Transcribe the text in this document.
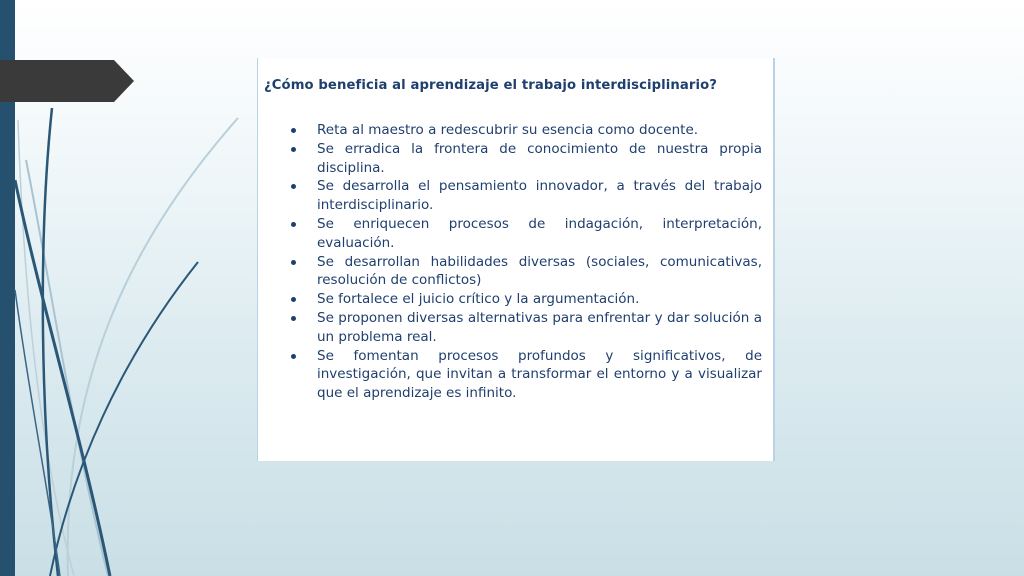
¿Cómo beneficia al aprendizaje el trabajo interdisciplinario?
Reta al maestro a redescubrir su esencia como docente.
Se erradica la frontera de conocimiento de nuestra propia disciplina.
Se desarrolla el pensamiento innovador, a través del trabajo interdisciplinario.
Se enriquecen procesos de indagación, interpretación, evaluación.
Se desarrollan habilidades diversas (sociales, comunicativas, resolución de conflictos)
Se fortalece el juicio crítico y la argumentación.
Se proponen diversas alternativas para enfrentar y dar solución a un problema real.
Se fomentan procesos profundos y significativos, de investigación, que invitan a transformar el entorno y a visualizar que el aprendizaje es infinito.
